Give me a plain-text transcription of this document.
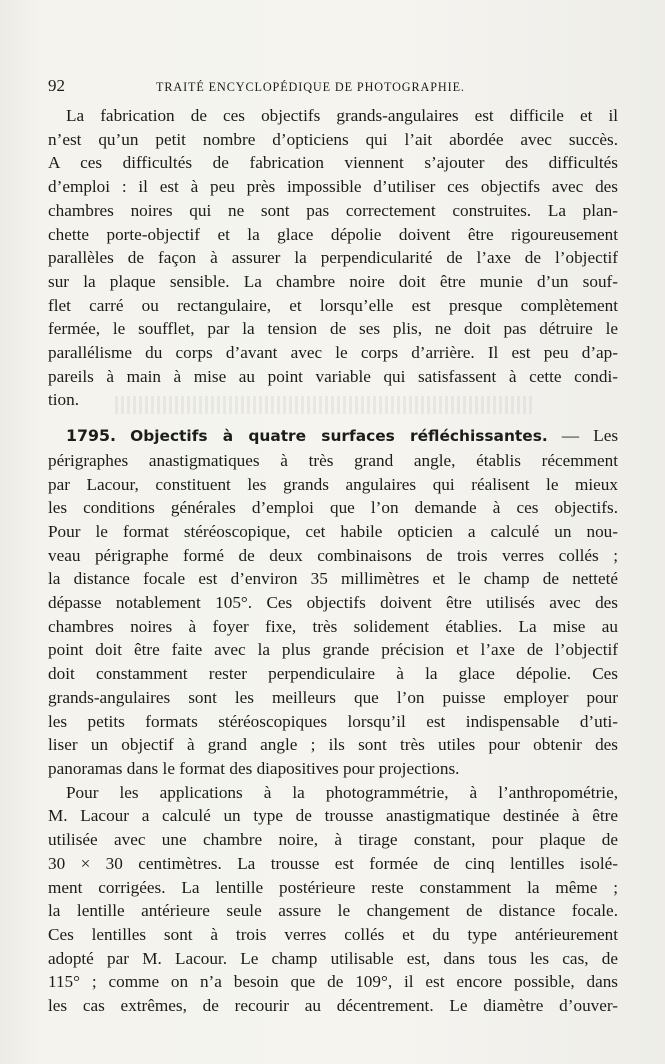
92	TRAITÉ ENCYCLOPÉDIQUE DE PHOTOGRAPHIE.

La fabrication de ces objectifs grands-angulaires est difficile et il
n’est qu’un petit nombre d’opticiens qui l’ait abordée avec succès.
A ces difficultés de fabrication viennent s’ajouter des difficultés
d’emploi : il est à peu près impossible d’utiliser ces objectifs avec des
chambres noires qui ne sont pas correctement construites. La plan-
chette porte-objectif et la glace dépolie doivent être rigoureusement
parallèles de façon à assurer la perpendicularité de l’axe de l’objectif
sur la plaque sensible. La chambre noire doit être munie d’un souf-
flet carré ou rectangulaire, et lorsqu’elle est presque complètement
fermée, le soufflet, par la tension de ses plis, ne doit pas détruire le
parallélisme du corps d’avant avec le corps d’arrière. Il est peu d’ap-
pareils à main à mise au point variable qui satisfassent à cette condi-
tion.

1795. Objectifs à quatre surfaces réfléchissantes. — Les
périgraphes anastigmatiques à très grand angle, établis récemment
par Lacour, constituent les grands angulaires qui réalisent le mieux
les conditions générales d’emploi que l’on demande à ces objectifs.
Pour le format stéréoscopique, cet habile opticien a calculé un nou-
veau périgraphe formé de deux combinaisons de trois verres collés ;
la distance focale est d’environ 35 millimètres et le champ de netteté
dépasse notablement 105°. Ces objectifs doivent être utilisés avec des
chambres noires à foyer fixe, très solidement établies. La mise au
point doit être faite avec la plus grande précision et l’axe de l’objectif
doit constamment rester perpendiculaire à la glace dépolie. Ces
grands-angulaires sont les meilleurs que l’on puisse employer pour
les petits formats stéréoscopiques lorsqu’il est indispensable d’uti-
liser un objectif à grand angle ; ils sont très utiles pour obtenir des
panoramas dans le format des diapositives pour projections.

Pour les applications à la photogrammétrie, à l’anthropométrie,
M. Lacour a calculé un type de trousse anastigmatique destinée à être
utilisée avec une chambre noire, à tirage constant, pour plaque de
30 × 30 centimètres. La trousse est formée de cinq lentilles isolé-
ment corrigées. La lentille postérieure reste constamment la même ;
la lentille antérieure seule assure le changement de distance focale.
Ces lentilles sont à trois verres collés et du type antérieurement
adopté par M. Lacour. Le champ utilisable est, dans tous les cas, de
115° ; comme on n’a besoin que de 109°, il est encore possible, dans
les cas extrêmes, de recourir au décentrement. Le diamètre d’ouver-
